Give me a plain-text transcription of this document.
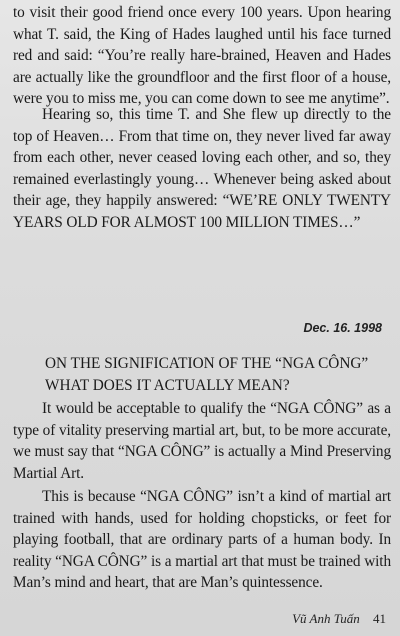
to visit their good friend once every 100 years. Upon hearing what T. said, the King of Hades laughed until his face turned red and said: “You’re really hare-brained, Heaven and Hades are actually like the groundfloor and the first floor of a house, were you to miss me, you can come down to see me anytime”.

Hearing so, this time T. and She flew up directly to the top of Heaven… From that time on, they never lived far away from each other, never ceased loving each other, and so, they remained everlastingly young… Whenever being asked about their age, they happily answered: “WE’RE ONLY TWENTY YEARS OLD FOR ALMOST 100 MILLION TIMES…”

Dec. 16. 1998
ON THE SIGNIFICATION OF THE “NGA CÔNG” WHAT DOES IT ACTUALLY MEAN?

It would be acceptable to qualify the “NGA CÔNG” as a type of vitality preserving martial art, but, to be more accurate, we must say that “NGA CÔNG” is actually a Mind Preserving Martial Art.

This is because “NGA CÔNG” isn’t a kind of martial art trained with hands, used for holding chopsticks, or feet for playing football, that are ordinary parts of a human body. In reality “NGA CÔNG” is a martial art that must be trained with Man’s mind and heart, that are Man’s quintessence.

Vũ Anh Tuấn 41
